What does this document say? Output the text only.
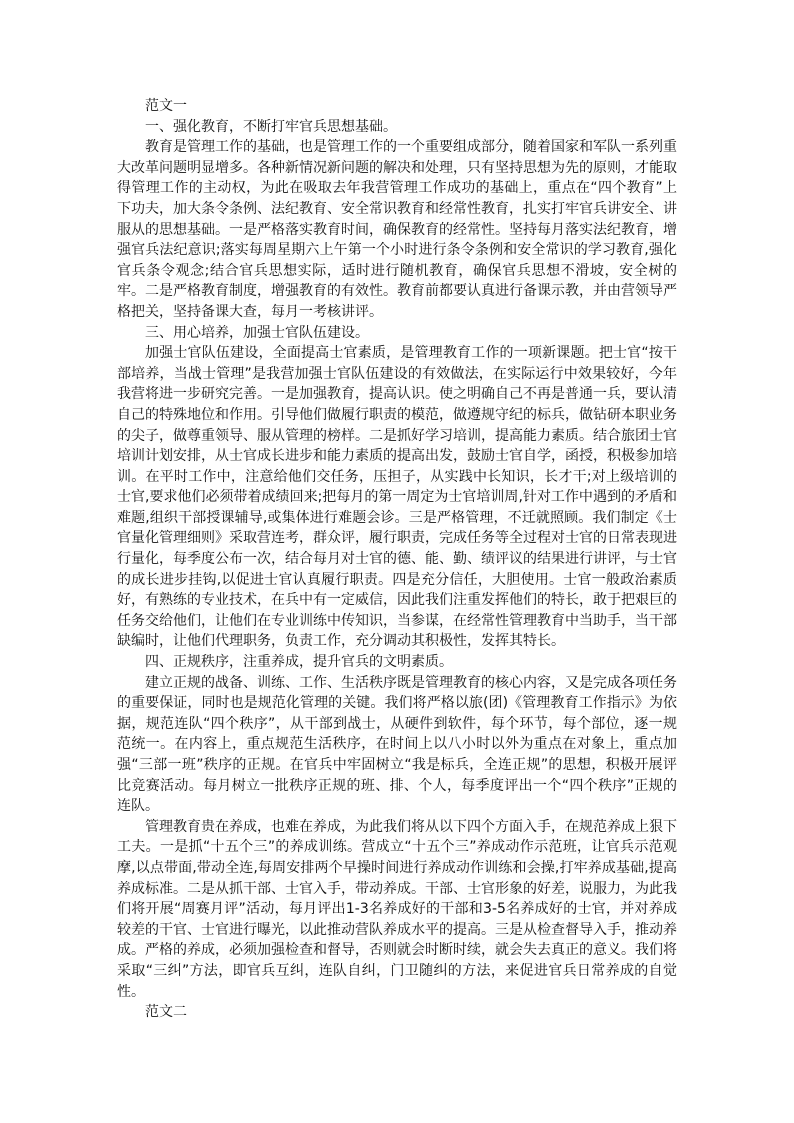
范文一

一、强化教育，不断打牢官兵思想基础。

教育是管理工作的基础，也是管理工作的一个重要组成部分，随着国家和军队一系列重大改革问题明显增多。各种新情况新问题的解决和处理，只有坚持思想为先的原则，才能取得管理工作的主动权，为此在吸取去年我营管理工作成功的基础上，重点在“四个教育”上下功夫，加大条令条例、法纪教育、安全常识教育和经常性教育，扎实打牢官兵讲安全、讲服从的思想基础。一是严格落实教育时间，确保教育的经常性。坚持每月落实法纪教育，增强官兵法纪意识;落实每周星期六上午第一个小时进行条令条例和安全常识的学习教育,强化官兵条令观念;结合官兵思想实际，适时进行随机教育，确保官兵思想不滑坡，安全树的牢。二是严格教育制度，增强教育的有效性。教育前都要认真进行备课示教，并由营领导严格把关，坚持备课大查，每月一考核讲评。

三、用心培养，加强士官队伍建设。

加强士官队伍建设，全面提高士官素质，是管理教育工作的一项新课题。把士官“按干部培养，当战士管理”是我营加强士官队伍建设的有效做法，在实际运行中效果较好，今年我营将进一步研究完善。一是加强教育，提高认识。使之明确自己不再是普通一兵，要认清自己的特殊地位和作用。引导他们做履行职责的模范，做遵规守纪的标兵，做钻研本职业务的尖子，做尊重领导、服从管理的榜样。二是抓好学习培训，提高能力素质。结合旅团士官培训计划安排，从士官成长进步和能力素质的提高出发，鼓励士官自学，函授，积极参加培训。在平时工作中，注意给他们交任务，压担子，从实践中长知识，长才干;对上级培训的士官,要求他们必须带着成绩回来;把每月的第一周定为士官培训周,针对工作中遇到的矛盾和难题,组织干部授课辅导,或集体进行难题会诊。三是严格管理，不迁就照顾。我们制定《士官量化管理细则》采取营连考，群众评，履行职责，完成任务等全过程对士官的日常表现进行量化，每季度公布一次，结合每月对士官的德、能、勤、绩评议的结果进行讲评，与士官的成长进步挂钩,以促进士官认真履行职责。四是充分信任，大胆使用。士官一般政治素质好，有熟练的专业技术，在兵中有一定威信，因此我们注重发挥他们的特长，敢于把艰巨的任务交给他们，让他们在专业训练中传知识，当参谋，在经常性管理教育中当助手，当干部缺编时，让他们代理职务，负责工作，充分调动其积极性，发挥其特长。

四、正规秩序，注重养成，提升官兵的文明素质。

建立正规的战备、训练、工作、生活秩序既是管理教育的核心内容，又是完成各项任务的重要保证，同时也是规范化管理的关键。我们将严格以旅(团)《管理教育工作指示》为依据，规范连队“四个秩序”，从干部到战士，从硬件到软件，每个环节，每个部位，逐一规范统一。在内容上，重点规范生活秩序，在时间上以八小时以外为重点在对象上，重点加强“三部一班”秩序的正规。在官兵中牢固树立“我是标兵，全连正规”的思想，积极开展评比竞赛活动。每月树立一批秩序正规的班、排、个人，每季度评出一个“四个秩序”正规的连队。

管理教育贵在养成，也难在养成，为此我们将从以下四个方面入手，在规范养成上狠下工夫。一是抓“十五个三”的养成训练。营成立“十五个三”养成动作示范班，让官兵示范观摩,以点带面,带动全连,每周安排两个早操时间进行养成动作训练和会操,打牢养成基础,提高养成标准。二是从抓干部、士官入手，带动养成。干部、士官形象的好差，说服力，为此我们将开展“周赛月评”活动，每月评出1-3名养成好的干部和3-5名养成好的士官，并对养成较差的干官、士官进行曝光，以此推动营队养成水平的提高。三是从检查督导入手，推动养成。严格的养成，必须加强检查和督导，否则就会时断时续，就会失去真正的意义。我们将采取“三纠”方法，即官兵互纠，连队自纠，门卫随纠的方法，来促进官兵日常养成的自觉性。

范文二
